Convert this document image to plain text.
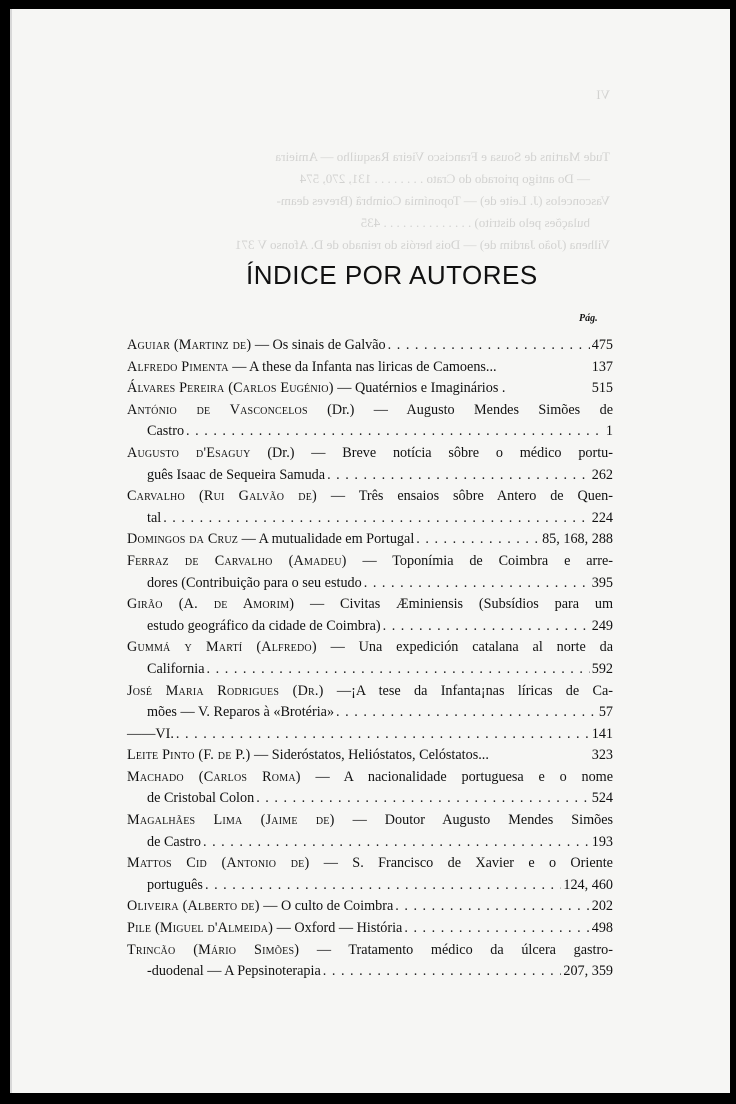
VI
Tude Martins de Sousa e Francisco Vieira Rasquilho — Amieira
— Do antigo priorado do Crato . . . . . . . . 131, 270, 574
Vasconcelos (J. Leite de) — Toponímia Coimbrã (Breves deam-
bulações pelo distrito) . . . . . . . . . . . . . . 435
Vilhena (João Jardim de) — Dois heróis do reinado de D. Afonso V 371
ÍNDICE POR AUTORES
Pág.
Aguiar (Martinz de) — Os sinais de Galvão . . .	475
Alfredo Pimenta — A these da Infanta nas liricas de Camoens...	137
Álvares Pereira (Carlos Eugénio) — Quatérnios e Imaginários .	515
António de Vasconcelos (Dr.) — Augusto Mendes Simões de
Castro . . .	1
Augusto d'Esaguy (Dr.) — Breve notícia sôbre o médico portu-
guês Isaac de Sequeira Samuda . . .	262
Carvalho (Rui Galvão de) — Três ensaios sôbre Antero de Quen-
tal . . .	224
Domingos da Cruz — A mutualidade em Portugal . . .	85, 168, 288
Ferraz de Carvalho (Amadeu) — Toponímia de Coimbra e arre-
dores (Contribuição para o seu estudo . . .	395
Girão (A. de Amorim) — Civitas Æminiensis (Subsídios para um
estudo geográfico da cidade de Coimbra) . . .	249
Gummá y Martí (Alfredo) — Una expedición catalana al norte da
California . . .	592
José Maria Rodrigues (Dr.) —¡A tese da Infanta¡nas líricas de Ca-
mões — V. Reparos à «Brotéria» . . .	57
——VI. . . .	141
Leite Pinto (F. de P.) — Sideróstatos, Helióstatos, Celóstatos...	323
Machado (Carlos Roma) — A nacionalidade portuguesa e o nome
de Cristobal Colon . . .	524
Magalhães Lima (Jaime de) — Doutor Augusto Mendes Simões
de Castro . . .	193
Mattos Cid (Antonio de) — S. Francisco de Xavier e o Oriente
português . . .	124, 460
Oliveira (Alberto de) — O culto de Coimbra . . .	202
Pile (Miguel d'Almeida) — Oxford — História . . .	498
Trincão (Mário Simões) — Tratamento médico da úlcera gastro-
-duodenal — A Pepsinoterapia . . .	207, 359
